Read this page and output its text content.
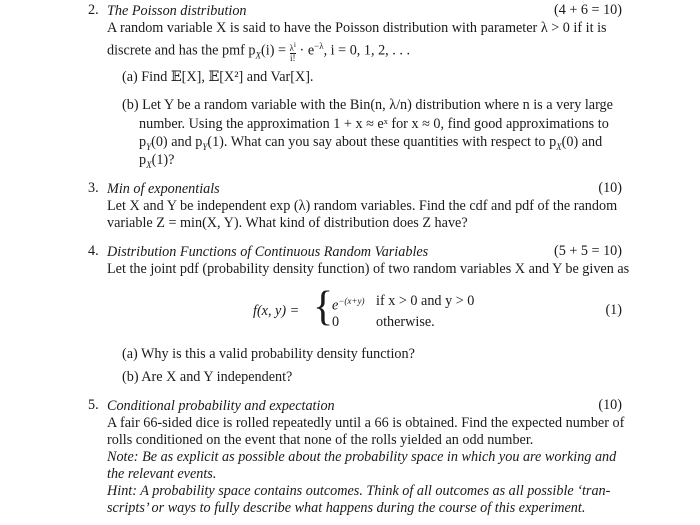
2. The Poisson distribution	(4 + 6 = 10)
A random variable X is said to have the Poisson distribution with parameter λ > 0 if it is
discrete and has the pmf $p_X(i) = \frac{\lambda^i}{i!} \cdot e^{-\lambda}$, i = 0, 1, 2, . . .
(a) Find 𝔼[X], 𝔼[X²] and Var[X].
(b) Let Y be a random variable with the Bin(n, λ/n) distribution where n is a very large
number. Using the approximation 1 + x ≈ eˣ for x ≈ 0, find good approximations to
$p_Y(0)$ and $p_Y(1)$. What can you say about these quantities with respect to $p_X(0)$ and
$p_X(1)$?
3. Min of exponentials	(10)
Let X and Y be independent exp (λ) random variables. Find the cdf and pdf of the random
variable Z = min(X, Y). What kind of distribution does Z have?
4. Distribution Functions of Continuous Random Variables	(5 + 5 = 10)
Let the joint pdf (probability density function) of two random variables X and Y be given as
f(x, y) = {
$e^{-(x+y)}$ if x > 0 and y > 0
0	otherwise.
(1)
(a) Why is this a valid probability density function?
(b) Are X and Y independent?
5. Conditional probability and expectation	(10)
A fair 66-sided dice is rolled repeatedly until a 66 is obtained. Find the expected number of
rolls conditioned on the event that none of the rolls yielded an odd number.
Note: Be as explicit as possible about the probability space in which you are working and
the relevant events.
Hint: A probability space contains outcomes. Think of all outcomes as all possible ‘tran-
scripts’ or ways to fully describe what happens during the course of this experiment.
